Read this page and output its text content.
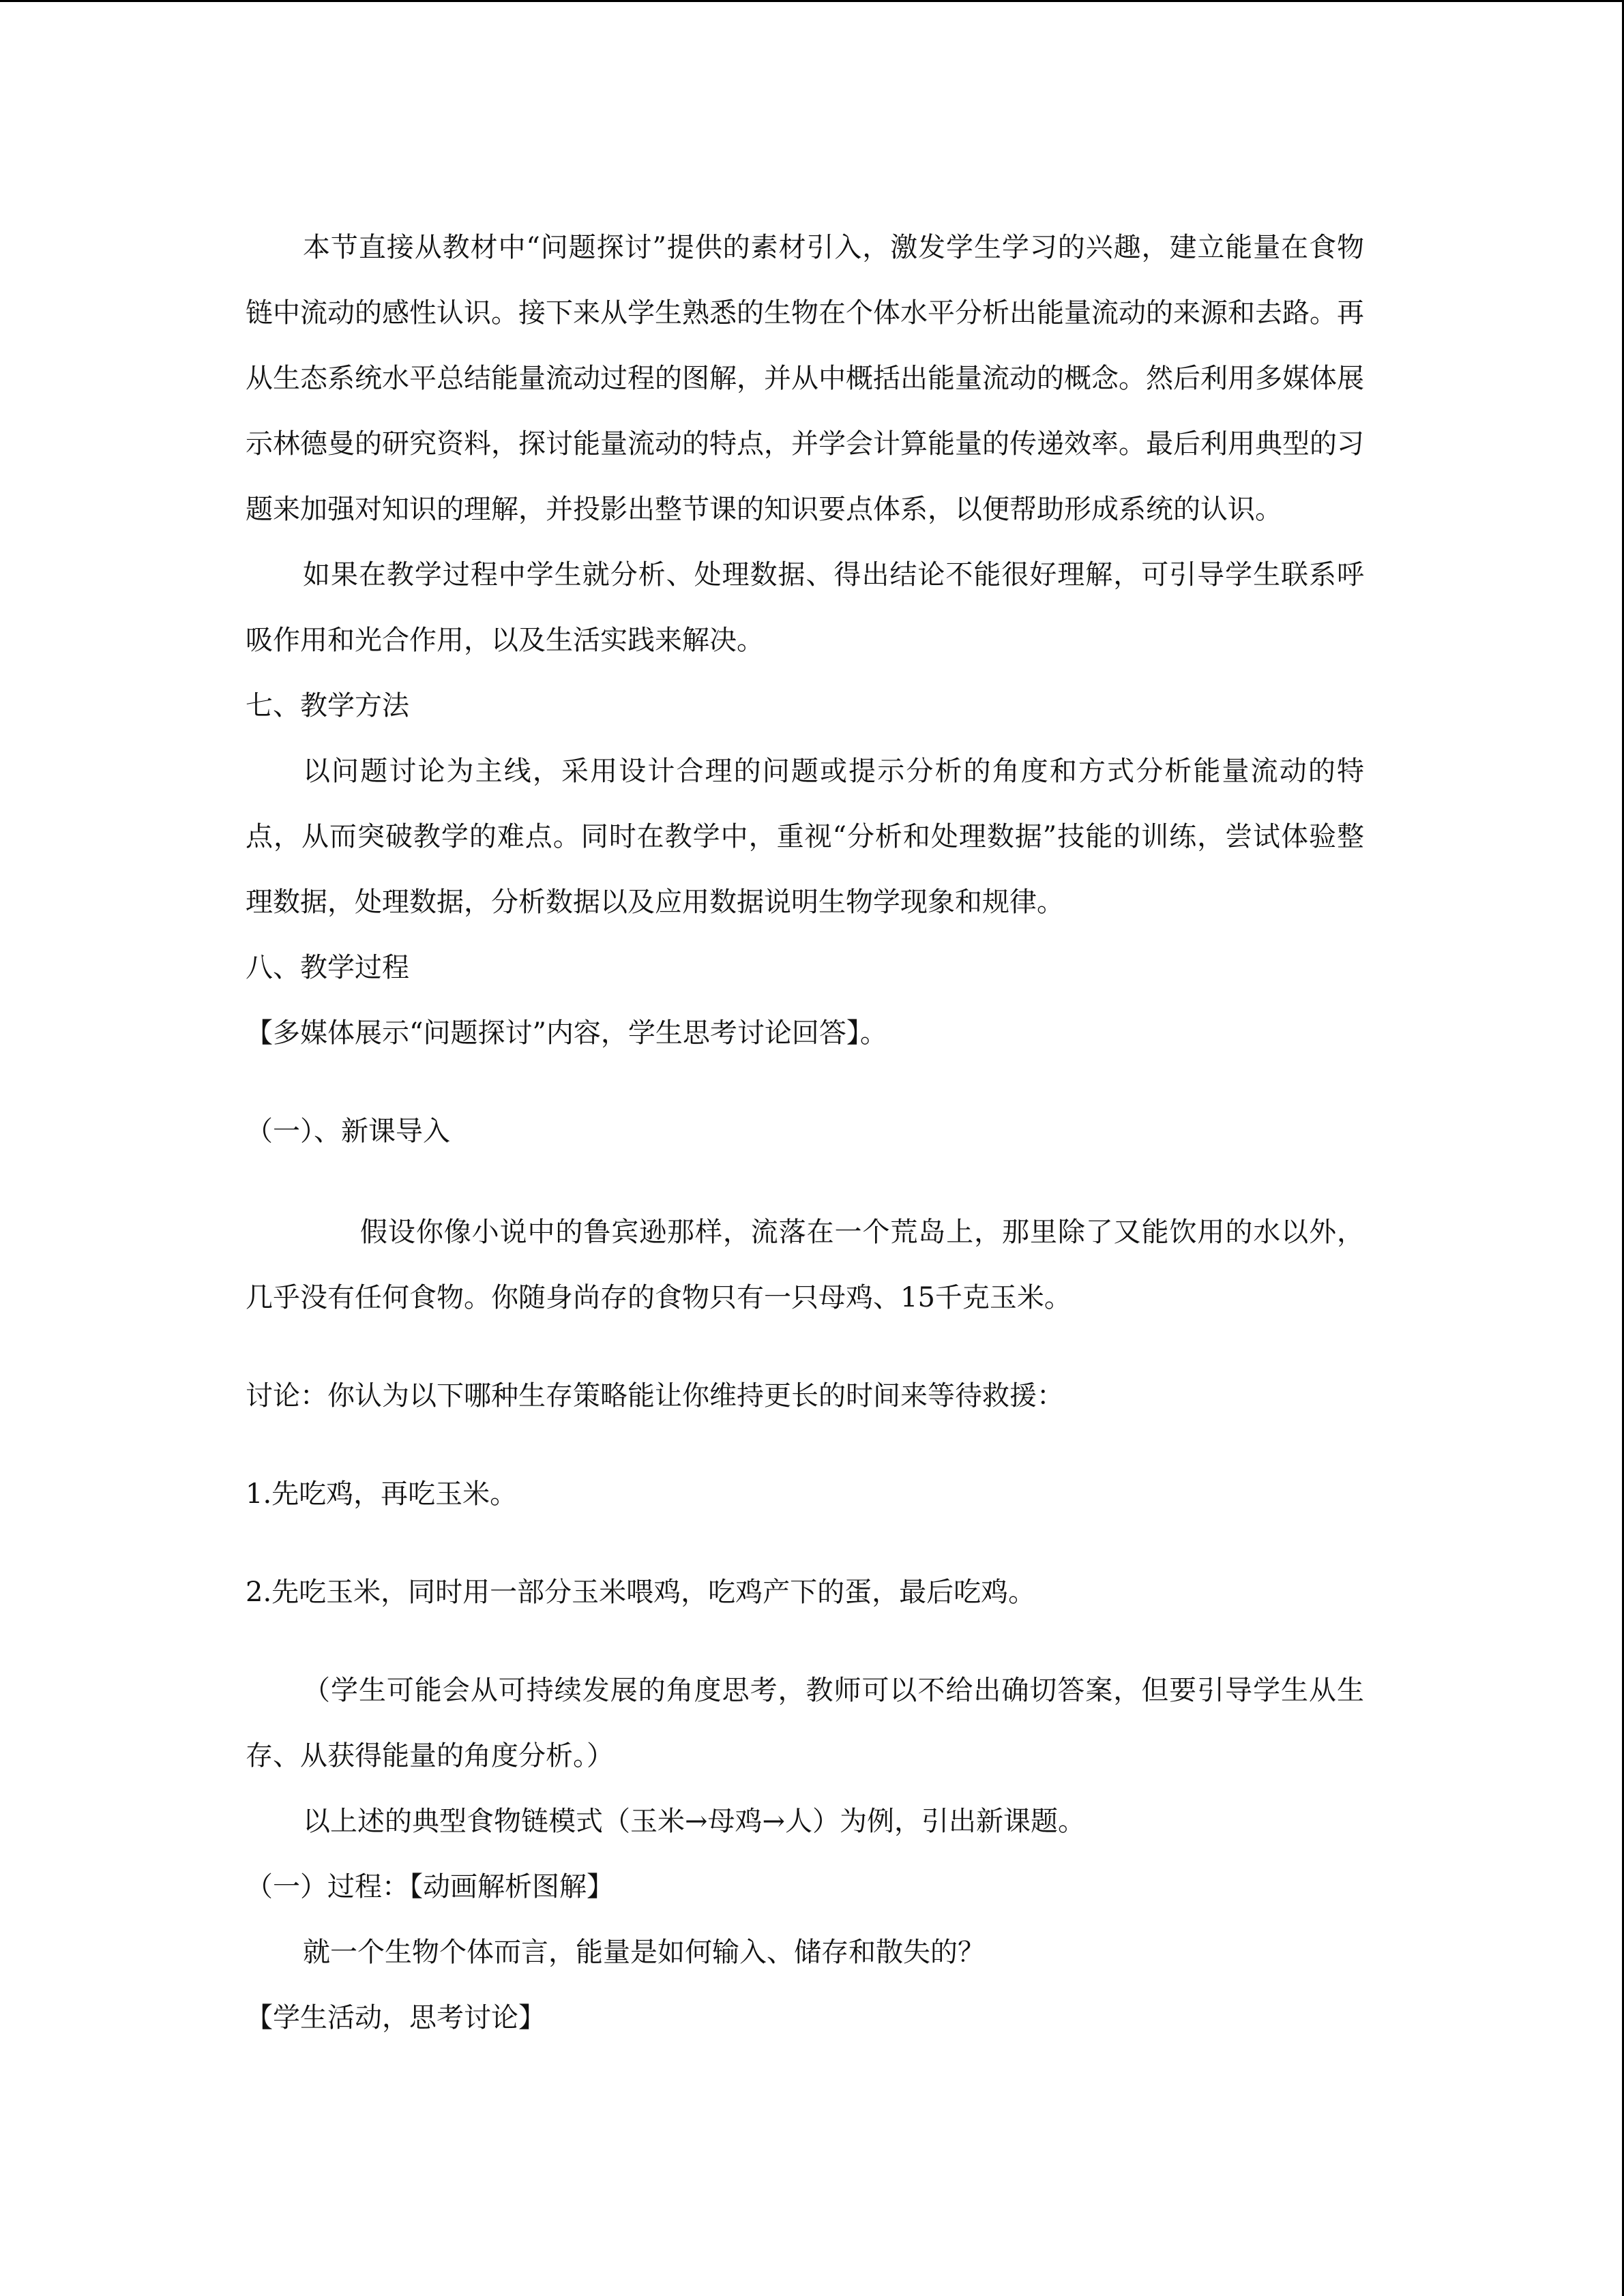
本节直接从教材中“问题探讨”提供的素材引入，激发学生学习的兴趣，建立能量在食物链中流动的感性认识。接下来从学生熟悉的生物在个体水平分析出能量流动的来源和去路。再从生态系统水平总结能量流动过程的图解，并从中概括出能量流动的概念。然后利用多媒体展示林德曼的研究资料，探讨能量流动的特点，并学会计算能量的传递效率。最后利用典型的习题来加强对知识的理解，并投影出整节课的知识要点体系，以便帮助形成系统的认识。

如果在教学过程中学生就分析、处理数据、得出结论不能很好理解，可引导学生联系呼吸作用和光合作用，以及生活实践来解决。

七、教学方法

以问题讨论为主线，采用设计合理的问题或提示分析的角度和方式分析能量流动的特点，从而突破教学的难点。同时在教学中，重视“分析和处理数据”技能的训练，尝试体验整理数据，处理数据，分析数据以及应用数据说明生物学现象和规律。

八、教学过程

【多媒体展示“问题探讨”内容，学生思考讨论回答】。

（一）、新课导入

假设你像小说中的鲁宾逊那样，流落在一个荒岛上，那里除了又能饮用的水以外，几乎没有任何食物。你随身尚存的食物只有一只母鸡、15千克玉米。

讨论：你认为以下哪种生存策略能让你维持更长的时间来等待救援：

1.先吃鸡，再吃玉米。

2.先吃玉米，同时用一部分玉米喂鸡，吃鸡产下的蛋，最后吃鸡。

（学生可能会从可持续发展的角度思考，教师可以不给出确切答案，但要引导学生从生存、从获得能量的角度分析。）

以上述的典型食物链模式（玉米→母鸡→人）为例，引出新课题。

（一）过程：【动画解析图解】

就一个生物个体而言，能量是如何输入、储存和散失的？

【学生活动，思考讨论】
